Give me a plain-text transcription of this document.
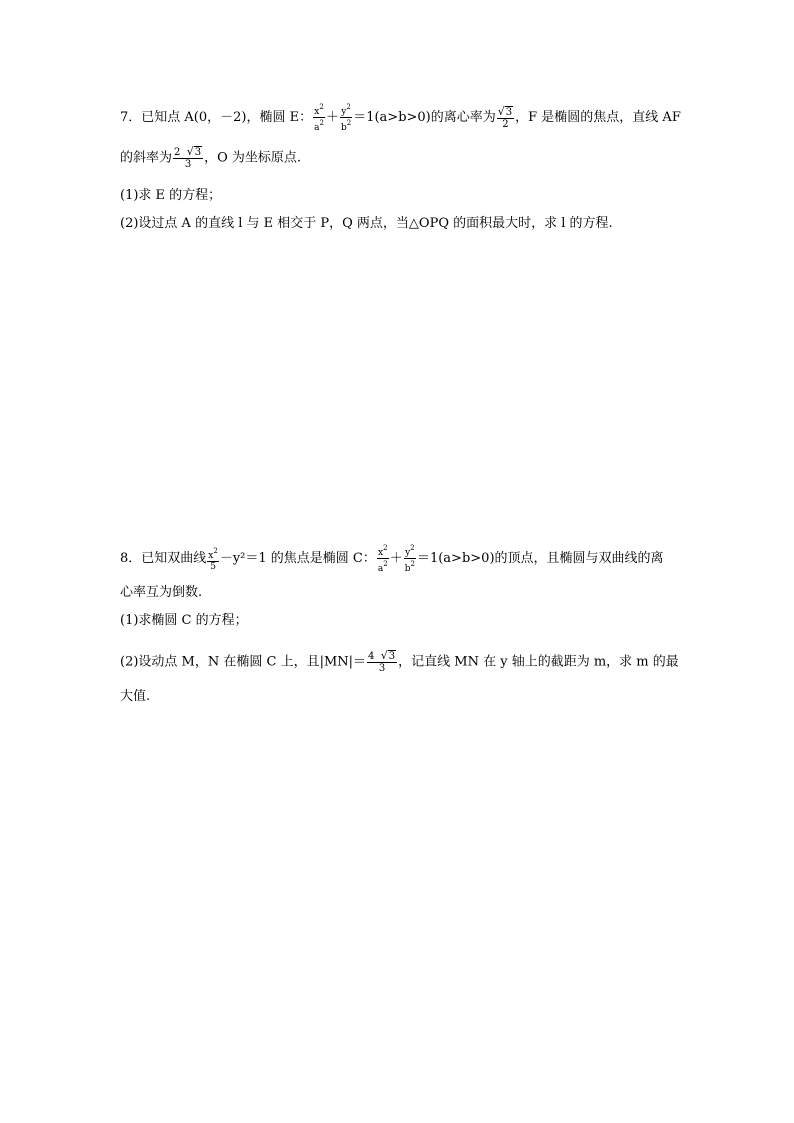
7．已知点 A(0，－2)，椭圆 E： $\frac{x^2}{a^2} + \frac{y^2}{b^2} =1(a>b>0)$的离心率为 $\frac{√3}{2}$ ，F 是椭圆的焦点，直线 AF
的斜率为 $\frac{2 √3}{3}$ ，O 为坐标原点.
(1)求 E 的方程；
(2)设过点 A 的直线 l 与 E 相交于 P，Q 两点，当△OPQ 的面积最大时，求 l 的方程.
8．已知双曲线 $\frac{x^2}{5} -y^2=1$ 的焦点是椭圆 C： $\frac{x^2}{a^2} + \frac{y^2}{b^2} =1(a>b>0)$的顶点，且椭圆与双曲线的离
心率互为倒数.
(1)求椭圆 C 的方程；
(2)设动点 M，N 在椭圆 C 上，且$|MN|= \frac{4 √3}{3}$ ，记直线 MN 在 y 轴上的截距为 m，求 m 的最
大值.
